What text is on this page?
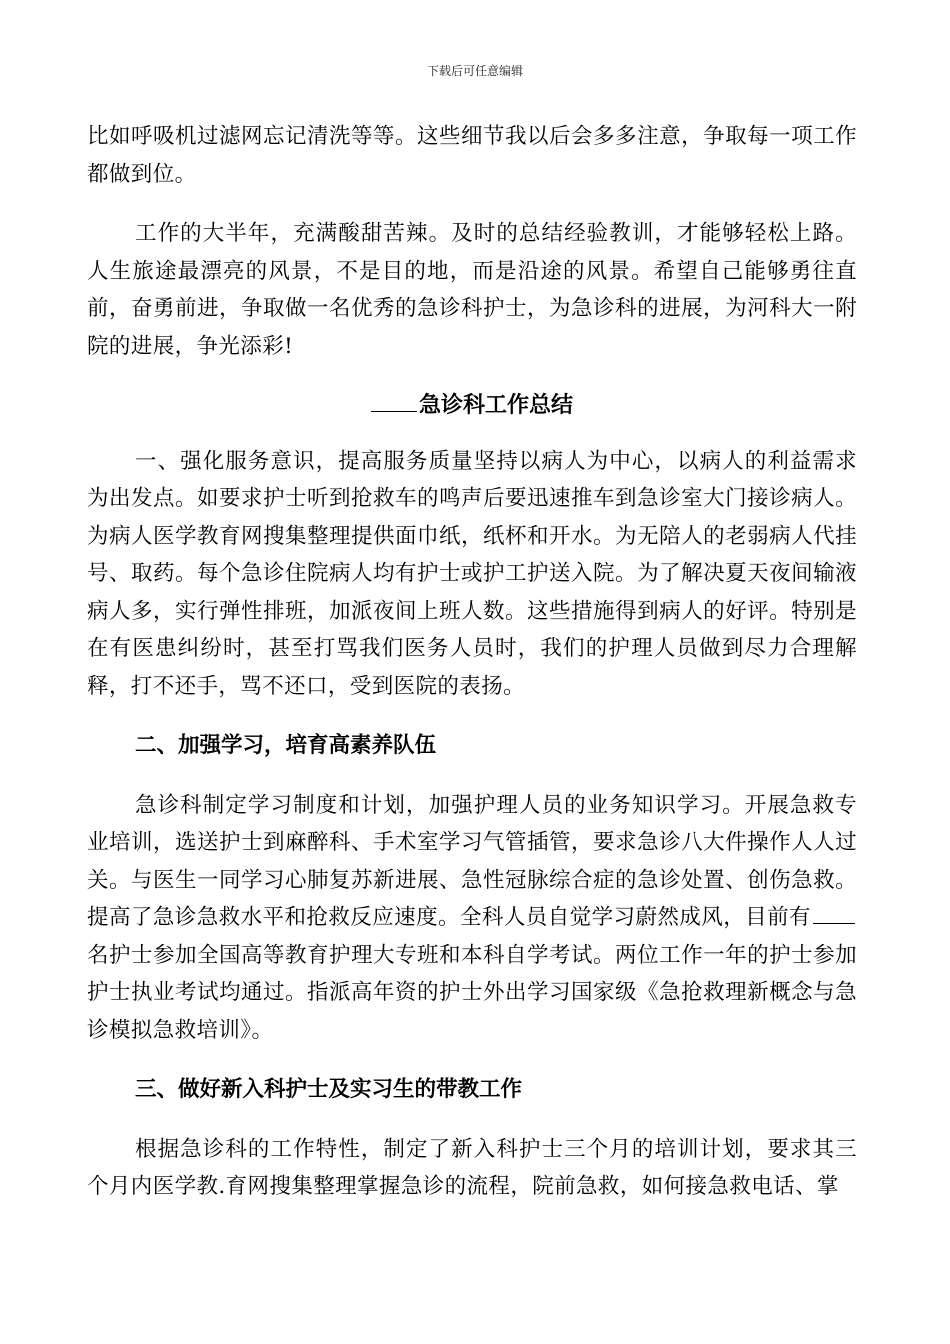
下载后可任意编辑

比如呼吸机过滤网忘记清洗等等。这些细节我以后会多多注意，争取每一项工作都做到位。

工作的大半年，充满酸甜苦辣。及时的总结经验教训，才能够轻松上路。人生旅途最漂亮的风景，不是目的地，而是沿途的风景。希望自己能够勇往直前，奋勇前进，争取做一名优秀的急诊科护士，为急诊科的进展，为河科大一附院的进展，争光添彩!

急诊科工作总结

一、强化服务意识，提高服务质量坚持以病人为中心，以病人的利益需求为出发点。如要求护士听到抢救车的鸣声后要迅速推车到急诊室大门接诊病人。为病人医学教育网搜集整理提供面巾纸，纸杯和开水。为无陪人的老弱病人代挂号、取药。每个急诊住院病人均有护士或护工护送入院。为了解决夏天夜间输液病人多，实行弹性排班，加派夜间上班人数。这些措施得到病人的好评。特别是在有医患纠纷时，甚至打骂我们医务人员时，我们的护理人员做到尽力合理解释，打不还手，骂不还口，受到医院的表扬。

二、加强学习，培育高素养队伍

急诊科制定学习制度和计划，加强护理人员的业务知识学习。开展急救专业培训，选送护士到麻醉科、手术室学习气管插管，要求急诊八大件操作人人过关。与医生一同学习心肺复苏新进展、急性冠脉综合症的急诊处置、创伤急救。提高了急诊急救水平和抢救反应速度。全科人员自觉学习蔚然成风，目前有名护士参加全国高等教育护理大专班和本科自学考试。两位工作一年的护士参加护士执业考试均通过。指派高年资的护士外出学习国家级《急抢救理新概念与急诊模拟急救培训》。

三、做好新入科护士及实习生的带教工作

根据急诊科的工作特性，制定了新入科护士三个月的培训计划，要求其三个月内医学教.育网搜集整理掌握急诊的流程，院前急救，如何接急救电话、掌
